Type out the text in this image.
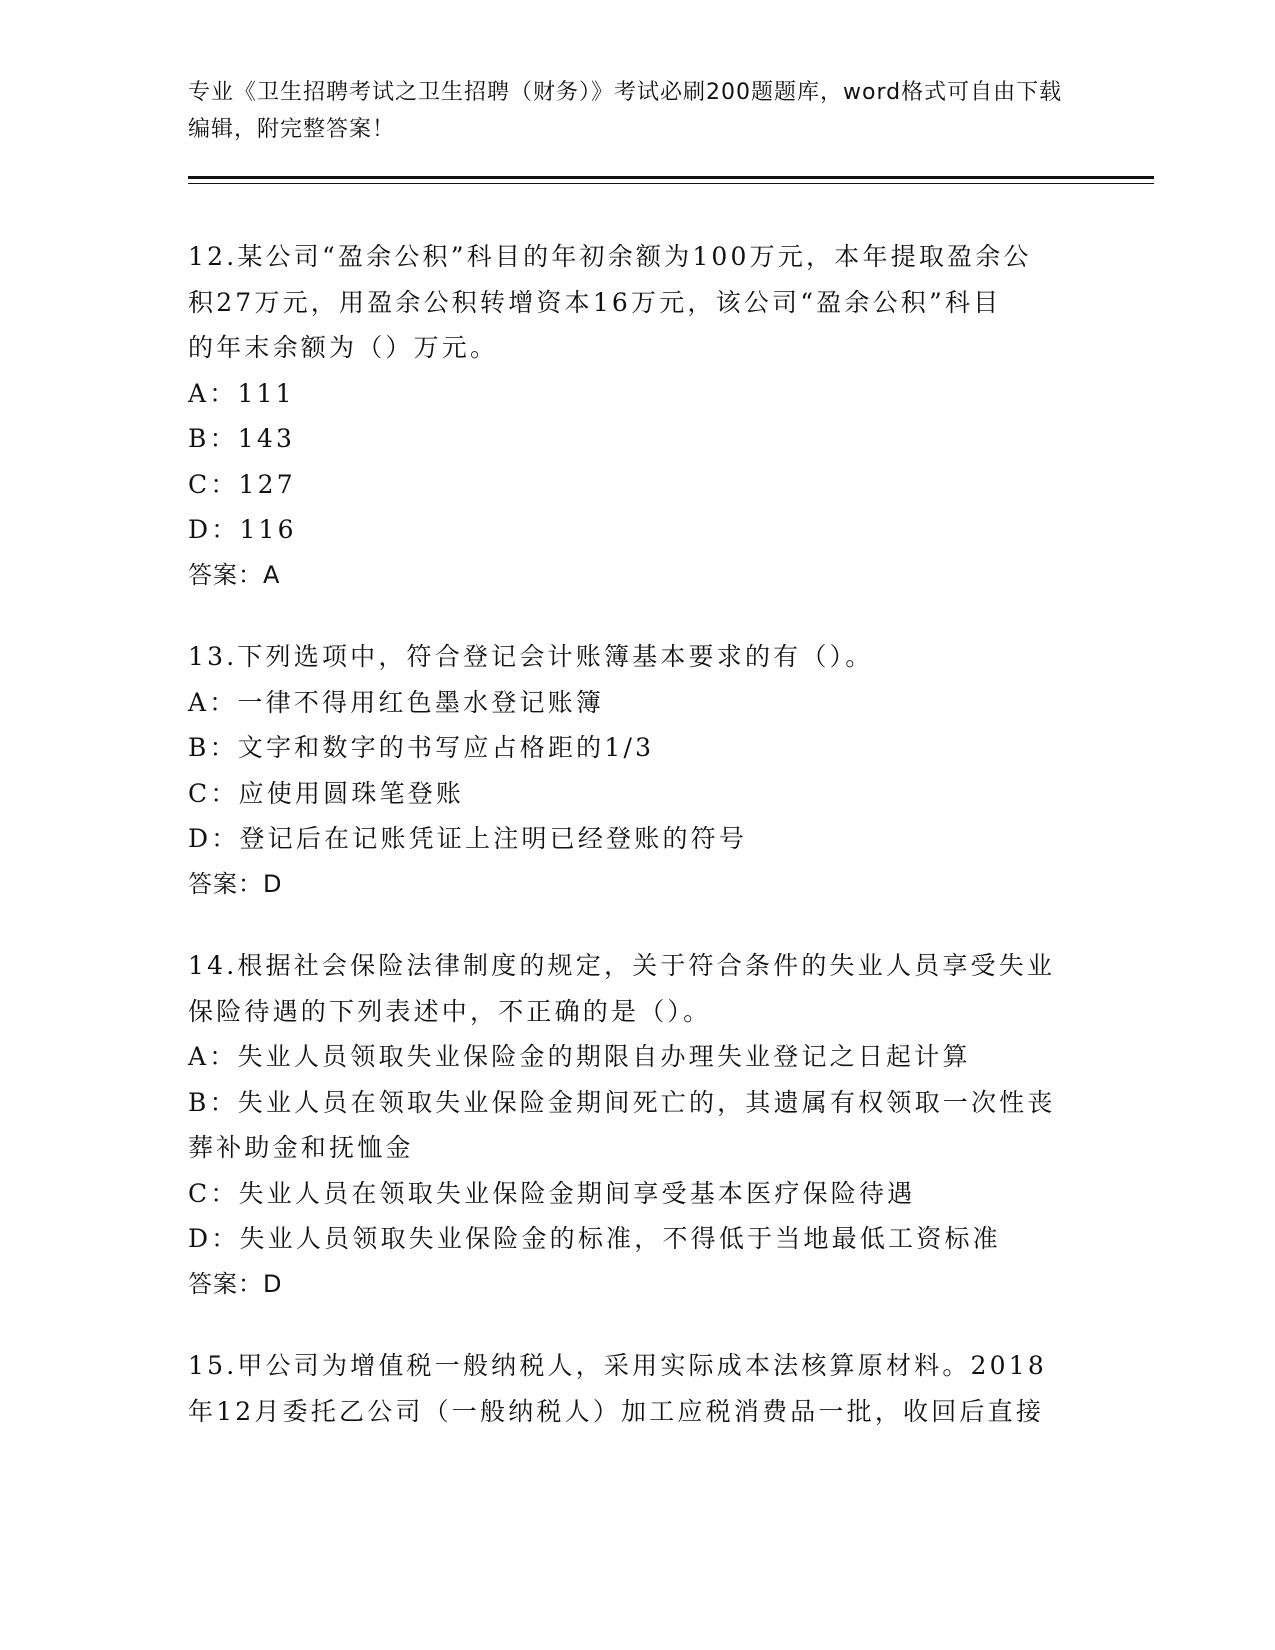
专业《卫生招聘考试之卫生招聘（财务）》考试必刷200题题库，word格式可自由下载编辑，附完整答案！
12.某公司“盈余公积”科目的年初余额为100万元，本年提取盈余公
积27万元，用盈余公积转增资本16万元，该公司“盈余公积”科目
的年末余额为（）万元。
A：111
B：143
C：127
D：116
答案：A
13.下列选项中，符合登记会计账簿基本要求的有（）。
A：一律不得用红色墨水登记账簿
B：文字和数字的书写应占格距的1/3
C：应使用圆珠笔登账
D：登记后在记账凭证上注明已经登账的符号
答案：D
14.根据社会保险法律制度的规定，关于符合条件的失业人员享受失业
保险待遇的下列表述中，不正确的是（）。
A：失业人员领取失业保险金的期限自办理失业登记之日起计算
B：失业人员在领取失业保险金期间死亡的，其遗属有权领取一次性丧
葬补助金和抚恤金
C：失业人员在领取失业保险金期间享受基本医疗保险待遇
D：失业人员领取失业保险金的标准，不得低于当地最低工资标准
答案：D
15.甲公司为增值税一般纳税人，采用实际成本法核算原材料。2018
年12月委托乙公司（一般纳税人）加工应税消费品一批，收回后直接
